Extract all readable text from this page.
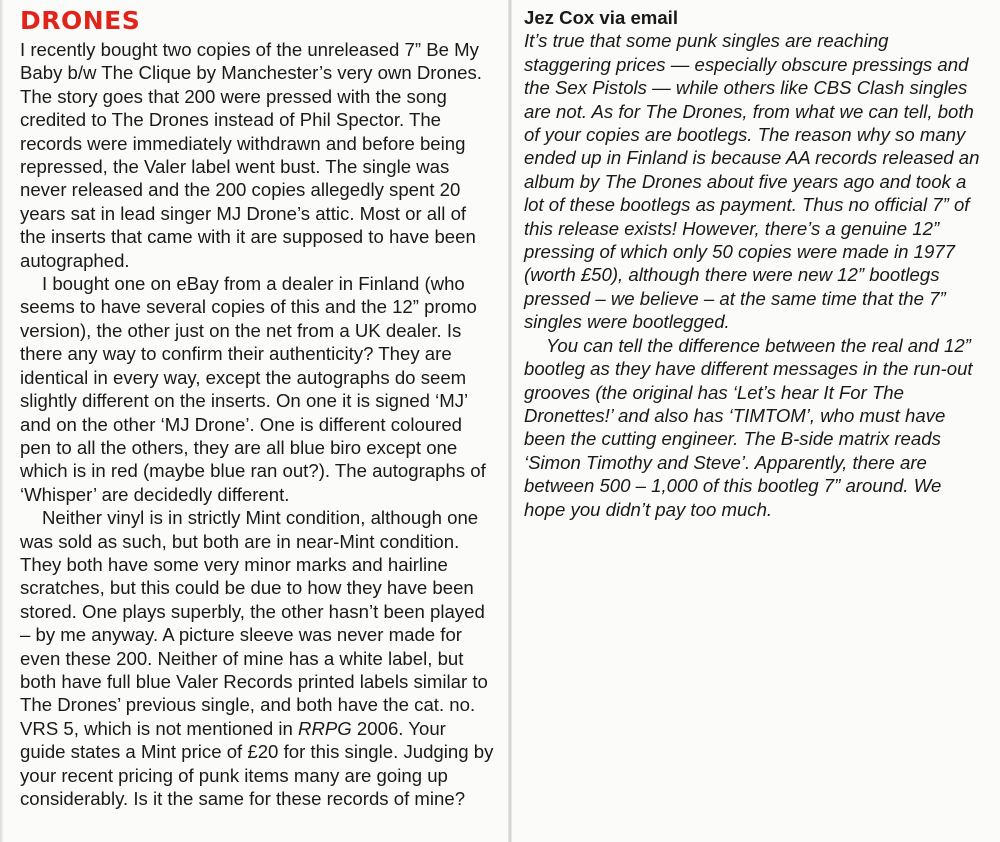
DRONES

I recently bought two copies of the unreleased 7” Be My Baby b/w The Clique by Manchester’s very own Drones. The story goes that 200 were pressed with the song credited to The Drones instead of Phil Spector. The records were immediately withdrawn and before being repressed, the Valer label went bust. The single was never released and the 200 copies allegedly spent 20 years sat in lead singer MJ Drone’s attic. Most or all of the inserts that came with it are supposed to have been autographed.

I bought one on eBay from a dealer in Finland (who seems to have several copies of this and the 12” promo version), the other just on the net from a UK dealer. Is there any way to confirm their authenticity? They are identical in every way, except the autographs do seem slightly different on the inserts. On one it is signed ‘MJ’ and on the other ‘MJ Drone’. One is different coloured pen to all the others, they are all blue biro except one which is in red (maybe blue ran out?). The autographs of ‘Whisper’ are decidedly different.

Neither vinyl is in strictly Mint condition, although one was sold as such, but both are in near-Mint condition. They both have some very minor marks and hairline scratches, but this could be due to how they have been stored. One plays superbly, the other hasn’t been played – by me anyway. A picture sleeve was never made for even these 200. Neither of mine has a white label, but both have full blue Valer Records printed labels similar to The Drones’ previous single, and both have the cat. no. VRS 5, which is not mentioned in RRPG 2006. Your guide states a Mint price of £20 for this single. Judging by your recent pricing of punk items many are going up considerably. Is it the same for these records of mine?

Jez Cox via email

It’s true that some punk singles are reaching staggering prices — especially obscure pressings and the Sex Pistols — while others like CBS Clash singles are not. As for The Drones, from what we can tell, both of your copies are bootlegs. The reason why so many ended up in Finland is because AA records released an album by The Drones about five years ago and took a lot of these bootlegs as payment. Thus no official 7” of this release exists! However, there’s a genuine 12” pressing of which only 50 copies were made in 1977 (worth £50), although there were new 12” bootlegs pressed – we believe – at the same time that the 7” singles were bootlegged.

You can tell the difference between the real and 12” bootleg as they have different messages in the run-out grooves (the original has ‘Let’s hear It For The Dronettes!’ and also has ‘TIMTOM’, who must have been the cutting engineer. The B-side matrix reads ‘Simon Timothy and Steve’. Apparently, there are between 500 – 1,000 of this bootleg 7” around. We hope you didn’t pay too much.
